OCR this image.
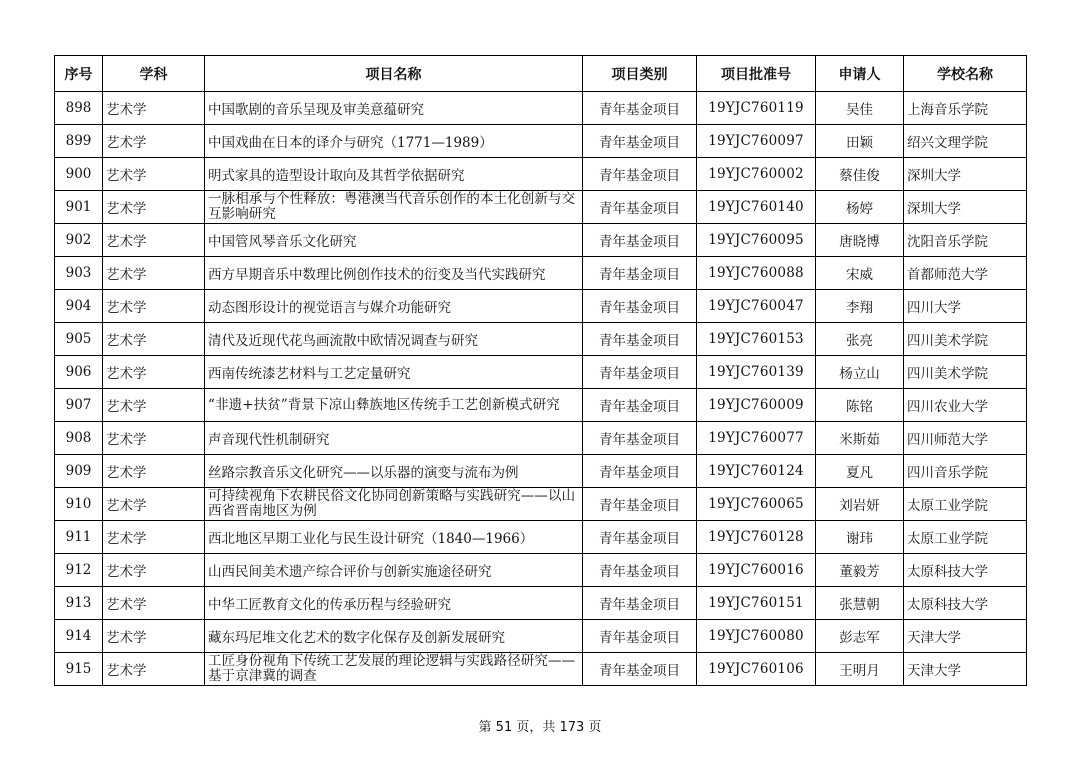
序号	学科	项目名称	项目类别	项目批准号	申请人	学校名称
898	艺术学	中国歌剧的音乐呈现及审美意蕴研究	青年基金项目	19YJC760119	吴佳	上海音乐学院
899	艺术学	中国戏曲在日本的译介与研究（1771—1989）	青年基金项目	19YJC760097	田颖	绍兴文理学院
900	艺术学	明式家具的造型设计取向及其哲学依据研究	青年基金项目	19YJC760002	蔡佳俊	深圳大学
901	艺术学	一脉相承与个性释放：粤港澳当代音乐创作的本土化创新与交互影响研究	青年基金项目	19YJC760140	杨婷	深圳大学
902	艺术学	中国管风琴音乐文化研究	青年基金项目	19YJC760095	唐晓博	沈阳音乐学院
903	艺术学	西方早期音乐中数理比例创作技术的衍变及当代实践研究	青年基金项目	19YJC760088	宋威	首都师范大学
904	艺术学	动态图形设计的视觉语言与媒介功能研究	青年基金项目	19YJC760047	李翔	四川大学
905	艺术学	清代及近现代花鸟画流散中欧情况调查与研究	青年基金项目	19YJC760153	张亮	四川美术学院
906	艺术学	西南传统漆艺材料与工艺定量研究	青年基金项目	19YJC760139	杨立山	四川美术学院
907	艺术学	“非遗+扶贫”背景下凉山彝族地区传统手工艺创新模式研究	青年基金项目	19YJC760009	陈铭	四川农业大学
908	艺术学	声音现代性机制研究	青年基金项目	19YJC760077	米斯茹	四川师范大学
909	艺术学	丝路宗教音乐文化研究——以乐器的演变与流布为例	青年基金项目	19YJC760124	夏凡	四川音乐学院
910	艺术学	可持续视角下农耕民俗文化协同创新策略与实践研究——以山西省晋南地区为例	青年基金项目	19YJC760065	刘岩妍	太原工业学院
911	艺术学	西北地区早期工业化与民生设计研究（1840—1966）	青年基金项目	19YJC760128	谢玮	太原工业学院
912	艺术学	山西民间美术遗产综合评价与创新实施途径研究	青年基金项目	19YJC760016	董毅芳	太原科技大学
913	艺术学	中华工匠教育文化的传承历程与经验研究	青年基金项目	19YJC760151	张慧朝	太原科技大学
914	艺术学	藏东玛尼堆文化艺术的数字化保存及创新发展研究	青年基金项目	19YJC760080	彭志军	天津大学
915	艺术学	工匠身份视角下传统工艺发展的理论逻辑与实践路径研究——基于京津冀的调查	青年基金项目	19YJC760106	王明月	天津大学
第 51 页，共 173 页
